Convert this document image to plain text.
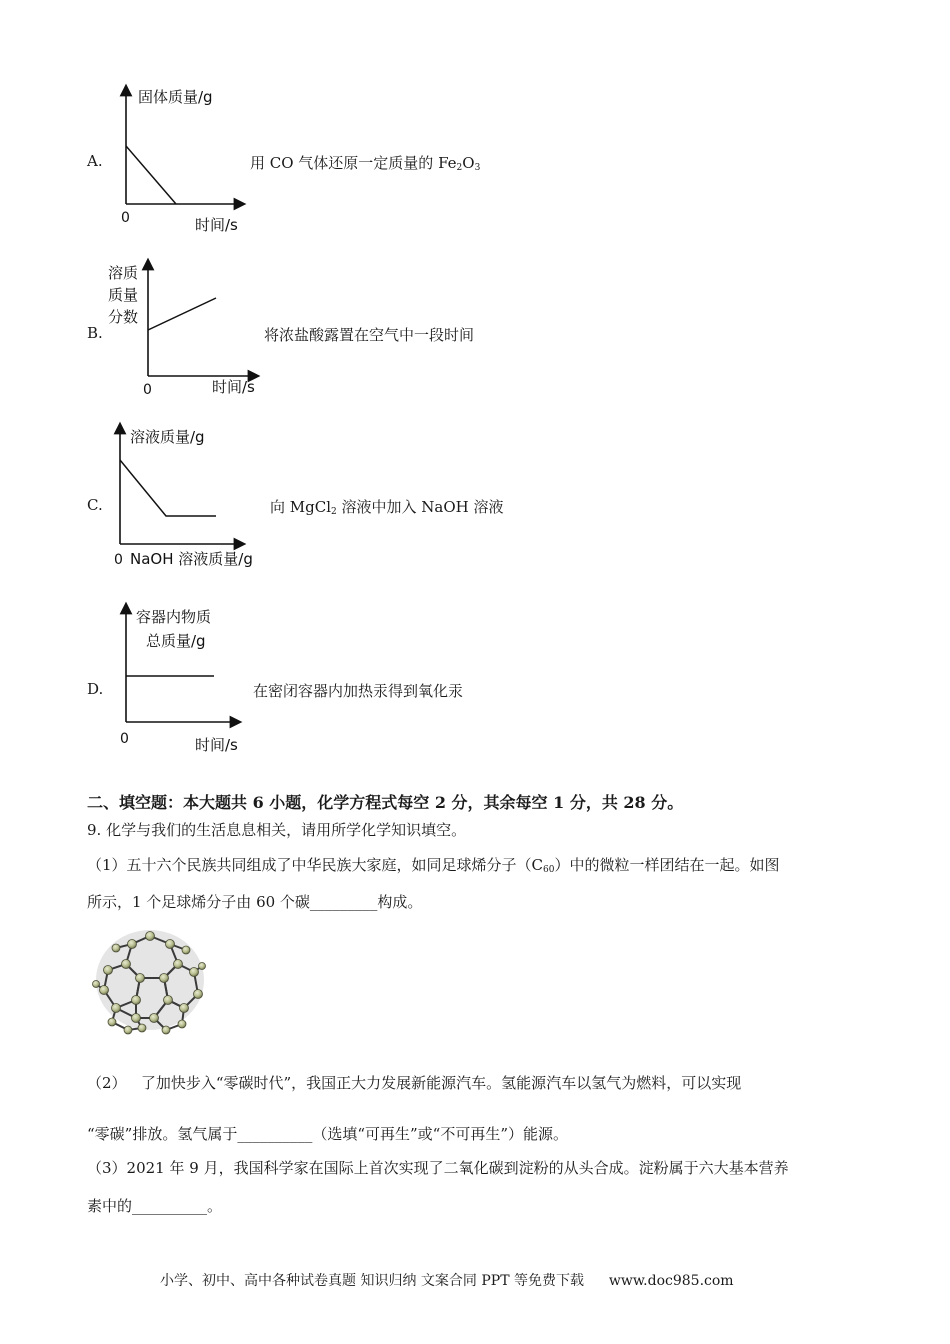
A.
固体质量/g
0	时间/s
用 CO 气体还原一定质量的 $Fe_2O_3$
B.
溶质
质量
分数
0	时间/s
将浓盐酸露置在空气中一段时间
C.
溶液质量/g
0 NaOH 溶液质量/g
向 MgCl$_2$ 溶液中加入 NaOH 溶液
D.
容器内物质
总质量/g
0	时间/s
在密闭容器内加热汞得到氧化汞
二、填空题：本大题共 6 小题，化学方程式每空 2 分，其余每空 1 分，共 28 分。
9. 化学与我们的生活息息相关，请用所学化学知识填空。
（1）五十六个民族共同组成了中华民族大家庭，如同足球烯分子$(C_{60})$中的微粒一样团结在一起。如图
所示，1 个足球烯分子由 60 个碳_________构成。
（2）   了加快步入“零碳时代”，我国正大力发展新能源汽车。氢能源汽车以氢气为燃料，可以实现
“零碳”排放。氢气属于__________（选填“可再生”或“不可再生”）能源。
（3）2021 年 9 月，我国科学家在国际上首次实现了二氧化碳到淀粉的从头合成。淀粉属于六大基本营养
素中的__________。
小学、初中、高中各种试卷真题 知识归纳 文案合同 PPT 等免费下载 www.doc985.com
